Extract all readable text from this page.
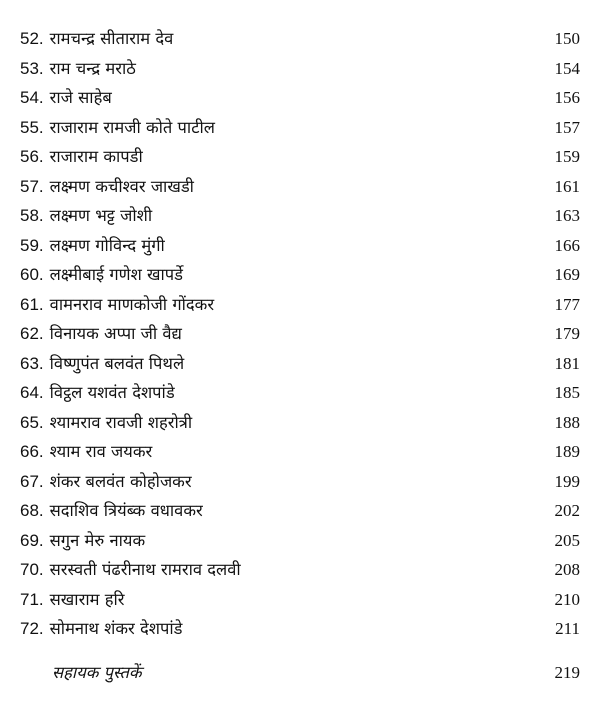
52. रामचन्द्र सीताराम देव	150
53. राम चन्द्र मराठे	154
54. राजे साहेब	156
55. राजाराम रामजी कोते पाटील	157
56. राजाराम कापडी	159
57. लक्ष्मण कचीश्वर जाखडी	161
58. लक्ष्मण भट्ट जोशी	163
59. लक्ष्मण गोविन्द मुंगी	166
60. लक्ष्मीबाई गणेश खापर्डे	169
61. वामनराव माणकोजी गोंदकर	177
62. विनायक अप्पा जी वैद्य	179
63. विष्णुपंत बलवंत पिथले	181
64. विट्ठल यशवंत देशपांडे	185
65. श्यामराव रावजी शहरोत्री	188
66. श्याम राव जयकर	189
67. शंकर बलवंत कोहोजकर	199
68. सदाशिव त्रियंब्क वधावकर	202
69. सगुन मेरु नायक	205
70. सरस्वती पंढरीनाथ रामराव दलवी	208
71. सखाराम हरि	210
72. सोमनाथ शंकर देशपांडे	211
सहायक पुस्तकें	219
